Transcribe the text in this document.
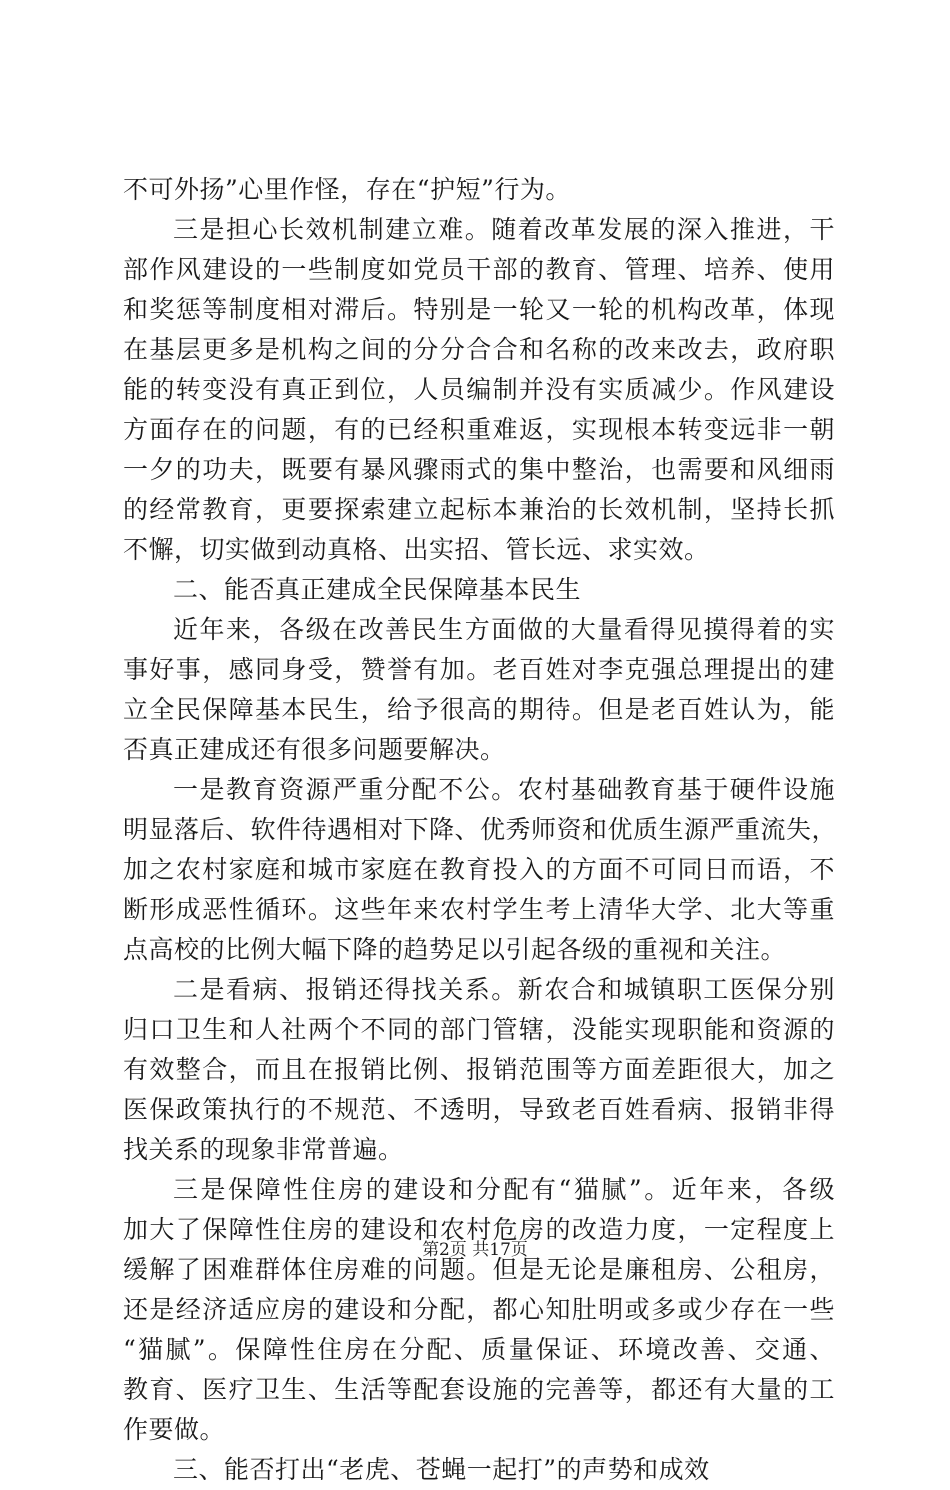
不可外扬”心里作怪，存在“护短”行为。
三是担心长效机制建立难。随着改革发展的深入推进，干
部作风建设的一些制度如党员干部的教育、管理、培养、使用
和奖惩等制度相对滞后。特别是一轮又一轮的机构改革，体现
在基层更多是机构之间的分分合合和名称的改来改去，政府职
能的转变没有真正到位，人员编制并没有实质减少。作风建设
方面存在的问题，有的已经积重难返，实现根本转变远非一朝
一夕的功夫，既要有暴风骤雨式的集中整治，也需要和风细雨
的经常教育，更要探索建立起标本兼治的长效机制，坚持长抓
不懈，切实做到动真格、出实招、管长远、求实效。
二、能否真正建成全民保障基本民生
近年来，各级在改善民生方面做的大量看得见摸得着的实
事好事，感同身受，赞誉有加。老百姓对李克强总理提出的建
立全民保障基本民生，给予很高的期待。但是老百姓认为，能
否真正建成还有很多问题要解决。
一是教育资源严重分配不公。农村基础教育基于硬件设施
明显落后、软件待遇相对下降、优秀师资和优质生源严重流失，
加之农村家庭和城市家庭在教育投入的方面不可同日而语，不
断形成恶性循环。这些年来农村学生考上清华大学、北大等重
点高校的比例大幅下降的趋势足以引起各级的重视和关注。
二是看病、报销还得找关系。新农合和城镇职工医保分别
归口卫生和人社两个不同的部门管辖，没能实现职能和资源的
有效整合，而且在报销比例、报销范围等方面差距很大，加之
医保政策执行的不规范、不透明，导致老百姓看病、报销非得
找关系的现象非常普遍。
三是保障性住房的建设和分配有“猫腻”。近年来，各级
加大了保障性住房的建设和农村危房的改造力度，一定程度上
缓解了困难群体住房难的问题。但是无论是廉租房、公租房，
还是经济适应房的建设和分配，都心知肚明或多或少存在一些
“猫腻”。保障性住房在分配、质量保证、环境改善、交通、
教育、医疗卫生、生活等配套设施的完善等，都还有大量的工
作要做。
三、能否打出“老虎、苍蝇一起打”的声势和成效
第2页 共17页
